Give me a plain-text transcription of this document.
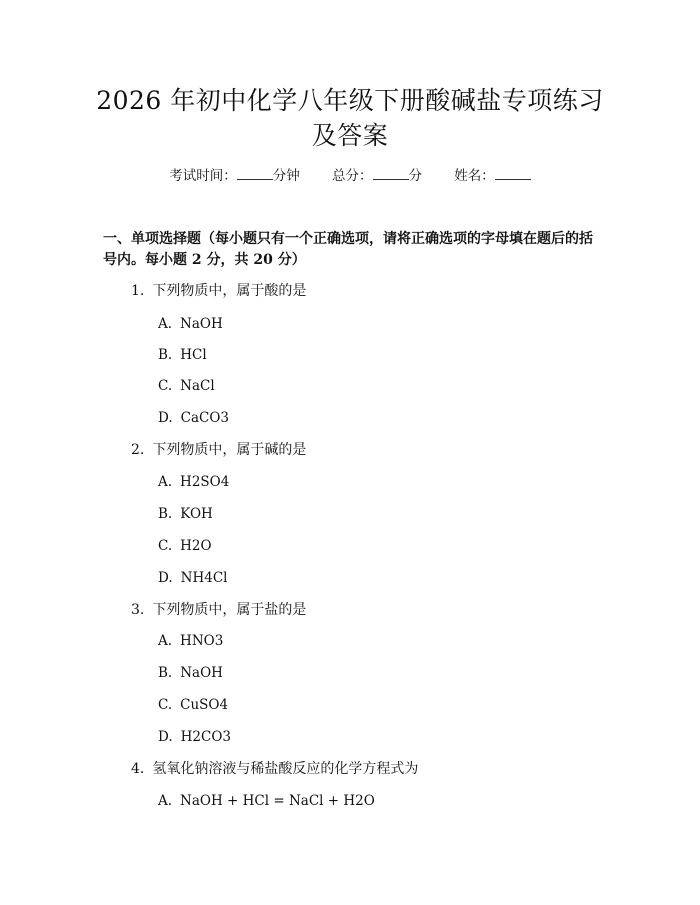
2026 年初中化学八年级下册酸碱盐专项练习
及答案
考试时间：	分钟 总分：	分 姓名：
一、单项选择题（每小题只有一个正确选项，请将正确选项的字母填在题后的括
号内。每小题 2 分，共 20 分）
1. 下列物质中，属于酸的是
A. NaOH
B. HCl
C. NaCl
D. CaCO3
2. 下列物质中，属于碱的是
A. H2SO4
B. KOH
C. H2O
D. NH4Cl
3. 下列物质中，属于盐的是
A. HNO3
B. NaOH
C. CuSO4
D. H2CO3
4. 氢氧化钠溶液与稀盐酸反应的化学方程式为
A. NaOH + HCl = NaCl + H2O
